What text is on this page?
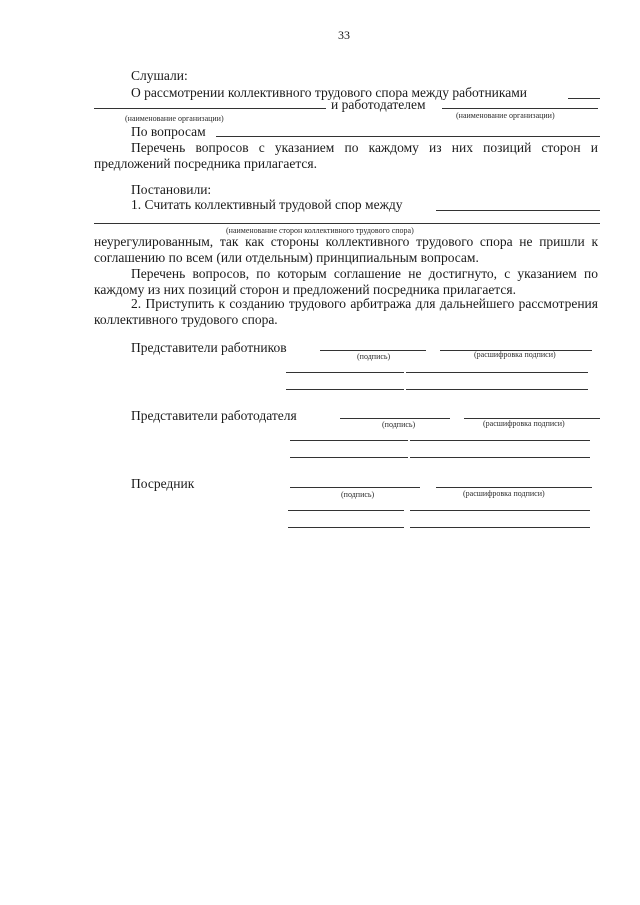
33
Слушали:
О рассмотрении коллективного трудового спора между работниками
и работодателем
(наименование организации)	(наименование организации)
По вопросам
Перечень вопросов с указанием по каждому из них позиций сторон и предложений посредника прилагается.
Постановили:
1. Считать коллективный трудовой спор между
(наименование сторон коллективного трудового спора)
неурегулированным, так как стороны коллективного трудового спора не пришли к соглашению по всем (или отдельным) принципиальным вопросам.
Перечень вопросов, по которым соглашение не достигнуто, с указанием по каждому из них позиций сторон и предложений посредника прилагается.
2. Приступить к созданию трудового арбитража для дальнейшего рассмотрения коллективного трудового спора.
Представители работников
(подпись)	(расшифровка подписи)
Представители работодателя
(подпись)	(расшифровка подписи)
Посредник
(подпись)	(расшифровка подписи)
